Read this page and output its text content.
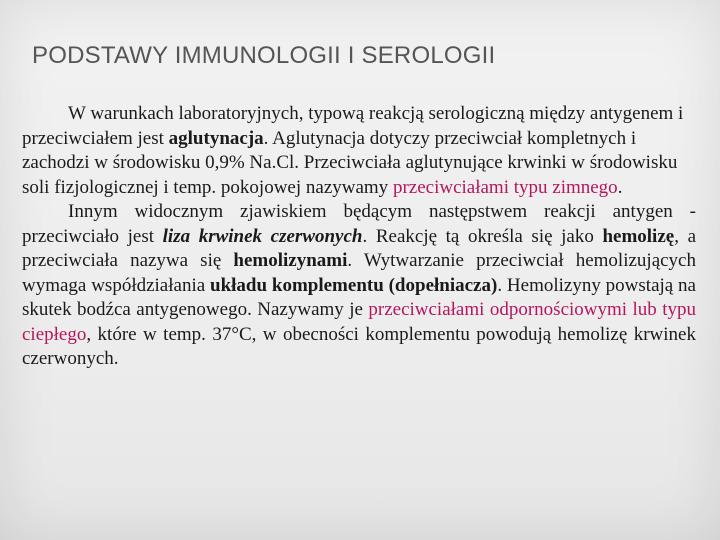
PODSTAWY IMMUNOLOGII I SEROLOGII

W warunkach laboratoryjnych, typową reakcją serologiczną między antygenem i przeciwciałem jest aglutynacja. Aglutynacja dotyczy przeciwciał kompletnych i zachodzi w środowisku 0,9% Na.Cl. Przeciwciała aglutynujące krwinki w środowisku soli fizjologicznej i temp. pokojowej nazywamy przeciwciałami typu zimnego.

Innym widocznym zjawiskiem będącym następstwem reakcji antygen - przeciwciało jest liza krwinek czerwonych. Reakcję tą określa się jako hemolizę, a przeciwciała nazywa się hemolizynami. Wytwarzanie przeciwciał hemolizujących wymaga współdziałania układu komplementu (dopełniacza). Hemolizyny powstają na skutek bodźca antygenowego. Nazywamy je przeciwciałami odpornościowymi lub typu ciepłego, które w temp. 37°C, w obecności komplementu powodują hemolizę krwinek czerwonych.
